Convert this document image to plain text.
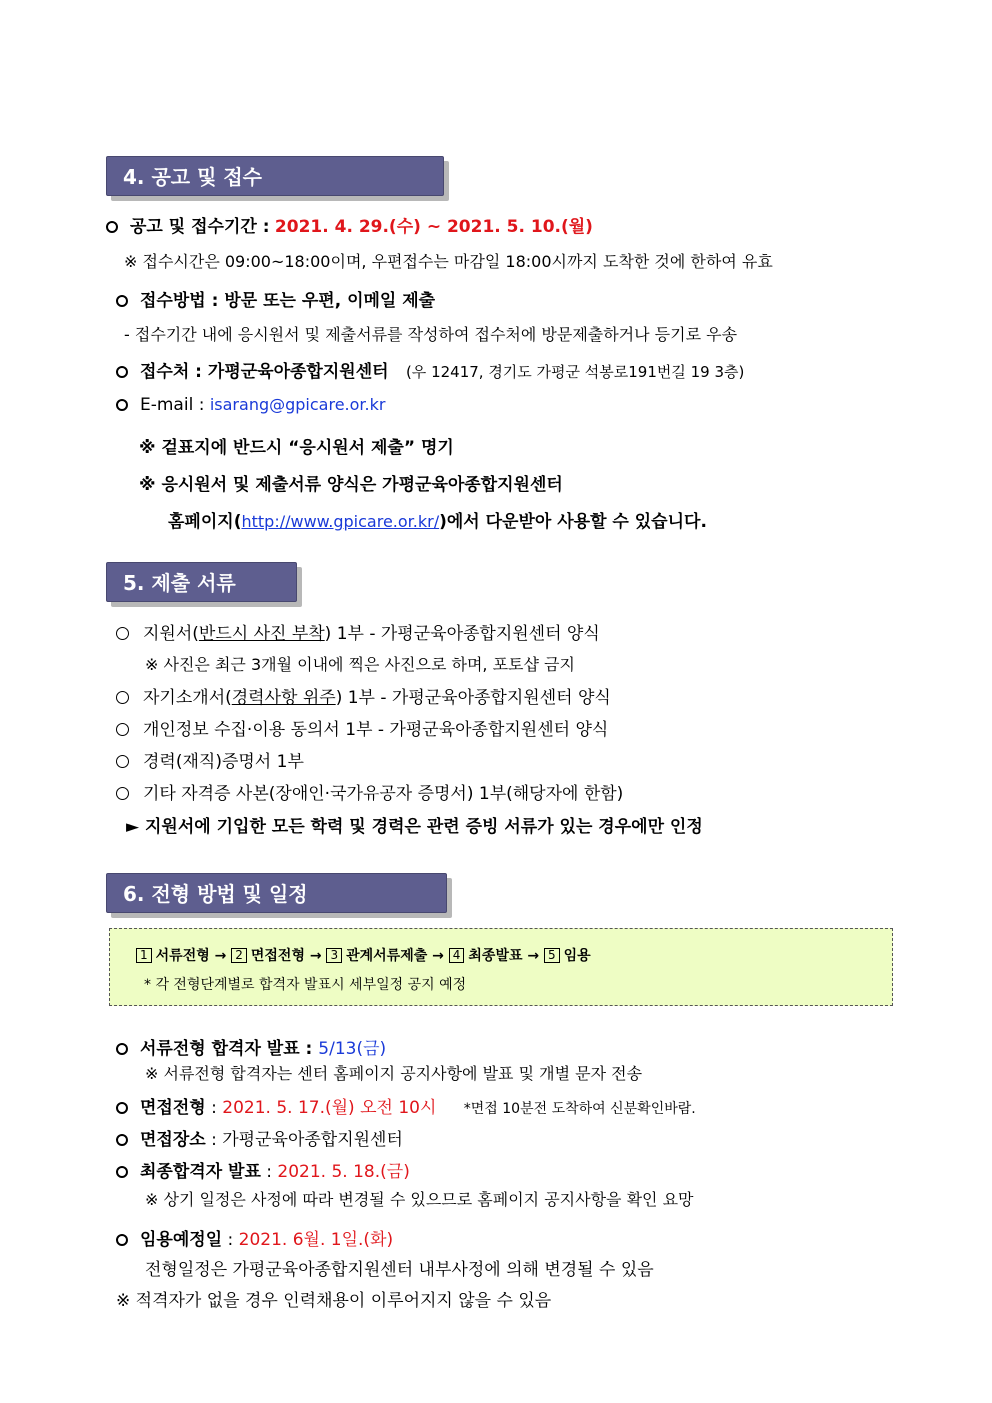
4. 공고 및 접수
공고 및 접수기간 : 2021. 4. 29.(수) ~ 2021. 5. 10.(월)
※ 접수시간은 09:00~18:00이며, 우편접수는 마감일 18:00시까지 도착한 것에 한하여 유효
접수방법 : 방문 또는 우편, 이메일 제출
- 접수기간 내에 응시원서 및 제출서류를 작성하여 접수처에 방문제출하거나 등기로 우송
접수처 : 가평군육아종합지원센터 (우 12417, 경기도 가평군 석봉로191번길 19 3층)
E-mail : isarang@gpicare.or.kr
※ 겉표지에 반드시 “응시원서 제출” 명기
※ 응시원서 및 제출서류 양식은 가평군육아종합지원센터
홈페이지(http://www.gpicare.or.kr/)에서 다운받아 사용할 수 있습니다.
5. 제출 서류
지원서(반드시 사진 부착) 1부 - 가평군육아종합지원센터 양식
※ 사진은 최근 3개월 이내에 찍은 사진으로 하며, 포토샵 금지
자기소개서(경력사항 위주) 1부 - 가평군육아종합지원센터 양식
개인정보 수집·이용 동의서 1부 - 가평군육아종합지원센터 양식
경력(재직)증명서 1부
기타 자격증 사본(장애인·국가유공자 증명서) 1부(해당자에 한함)
► 지원서에 기입한 모든 학력 및 경력은 관련 증빙 서류가 있는 경우에만 인정
6. 전형 방법 및 일정
1 서류전형 → 2 면접전형 → 3 관계서류제출 → 4 최종발표 → 5 임용
* 각 전형단계별로 합격자 발표시 세부일정 공지 예정
서류전형 합격자 발표 : 5/13(금)
※ 서류전형 합격자는 센터 홈페이지 공지사항에 발표 및 개별 문자 전송
면접전형 : 2021. 5. 17.(월) 오전 10시 *면접 10분전 도착하여 신분확인바람.
면접장소 : 가평군육아종합지원센터
최종합격자 발표 : 2021. 5. 18.(금)
※ 상기 일정은 사정에 따라 변경될 수 있으므로 홈페이지 공지사항을 확인 요망
임용예정일 : 2021. 6월. 1일.(화)
전형일정은 가평군육아종합지원센터 내부사정에 의해 변경될 수 있음
※ 적격자가 없을 경우 인력채용이 이루어지지 않을 수 있음
